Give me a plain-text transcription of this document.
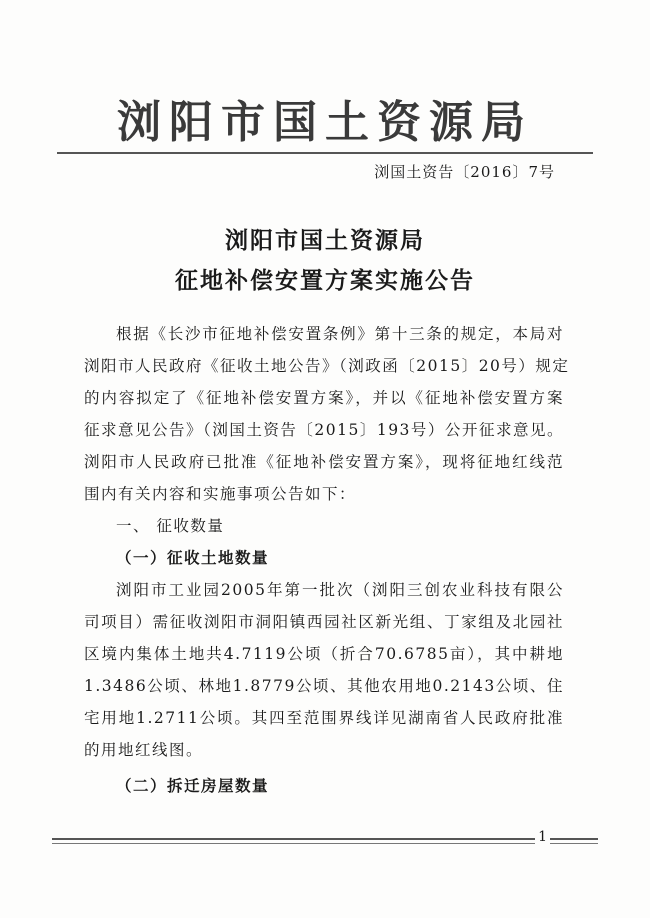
浏阳市国土资源局
浏国土资告〔2016〕7号
浏阳市国土资源局
征地补偿安置方案实施公告
根据《长沙市征地补偿安置条例》第十三条的规定，本局对
浏阳市人民政府《征收土地公告》（浏政函〔2015〕20号）规定
的内容拟定了《征地补偿安置方案》，并以《征地补偿安置方案
征求意见公告》（浏国土资告〔2015〕193号）公开征求意见。
浏阳市人民政府已批准《征地补偿安置方案》，现将征地红线范
围内有关内容和实施事项公告如下：
一、 征收数量
（一）征收土地数量
浏阳市工业园2005年第一批次（浏阳三创农业科技有限公
司项目）需征收浏阳市洞阳镇西园社区新光组、丁家组及北园社
区境内集体土地共4.7119公顷（折合70.6785亩），其中耕地
1.3486公顷、林地1.8779公顷、其他农用地0.2143公顷、住
宅用地1.2711公顷。其四至范围界线详见湖南省人民政府批准
的用地红线图。
（二）拆迁房屋数量
1
